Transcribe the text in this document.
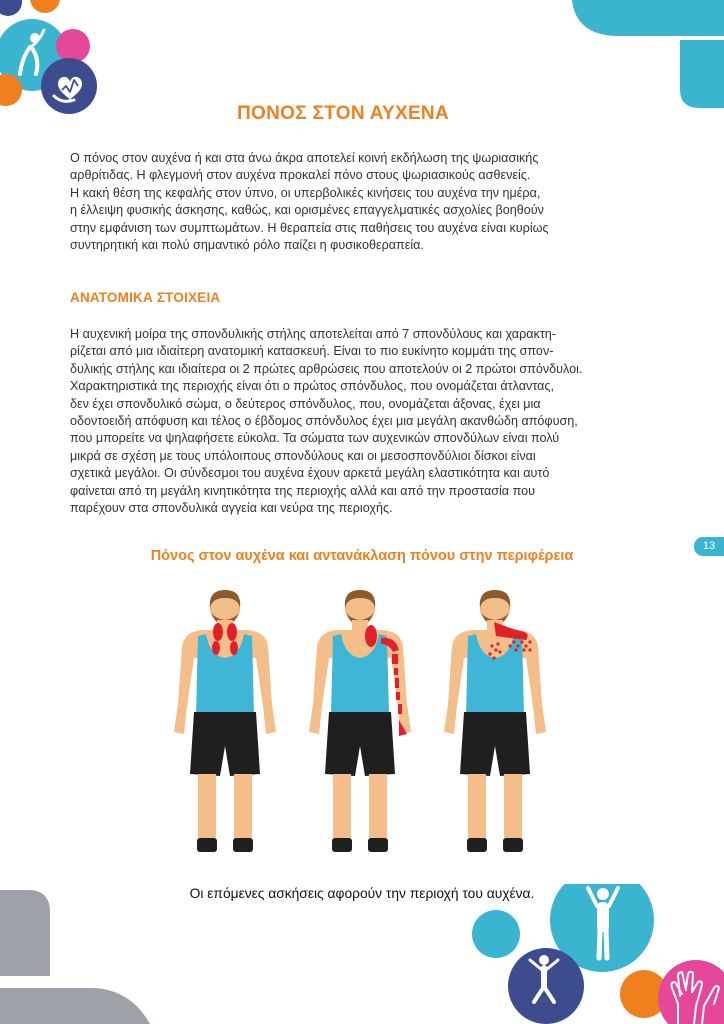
ΠΟΝΟΣ ΣΤΟΝ ΑΥΧΕΝΑ
Ο πόνος στον αυχένα ή και στα άνω άκρα αποτελεί κοινή εκδήλωση της ψωριασικής
αρθρίτιδας. Η φλεγμονή στον αυχένα προκαλεί πόνο στους ψωριασικούς ασθενείς.
Η κακή θέση της κεφαλής στον ύπνο, οι υπερβολικές κινήσεις του αυχένα την ημέρα,
η έλλειψη φυσικής άσκησης, καθώς, και ορισμένες επαγγελματικές ασχολίες βοηθούν
στην εμφάνιση των συμπτωμάτων. Η θεραπεία στις παθήσεις του αυχένα είναι κυρίως
συντηρητική και πολύ σημαντικό ρόλο παίζει η φυσικοθεραπεία.
ΑΝΑΤΟΜΙΚΑ ΣΤΟΙΧΕΙΑ
Η αυχενική μοίρα της σπονδυλικής στήλης αποτελείται από 7 σπονδύλους και χαρακτη-
ρίζεται από μια ιδιαίτερη ανατομική κατασκευή. Είναι το πιο ευκίνητο κομμάτι της σπον-
δυλικής στήλης και ιδιαίτερα οι 2 πρώτες αρθρώσεις που αποτελούν οι 2 πρώτοι σπόνδυλοι.
Χαρακτηριστικά της περιοχής είναι ότι ο πρώτος σπόνδυλος, που ονομάζεται άτλαντας,
δεν έχει σπονδυλικό σώμα, ο δεύτερος σπόνδυλος, που, ονομάζεται άξονας, έχει μια
οδοντοειδή απόφυση και τέλος ο έβδομος σπόνδυλος έχει μια μεγάλη ακανθώδη απόφυση,
που μπορείτε να ψηλαφήσετε εύκολα. Τα σώματα των αυχενικών σπονδύλων είναι πολύ
μικρά σε σχέση με τους υπόλοιπους σπονδύλους και οι μεσοσπονδύλιοι δίσκοι είναι
σχετικά μεγάλοι. Οι σύνδεσμοι του αυχένα έχουν αρκετά μεγάλη ελαστικότητα και αυτό
φαίνεται από τη μεγάλη κινητικότητα της περιοχής αλλά και από την προστασία που
παρέχουν στα σπονδυλικά αγγεία και νεύρα της περιοχής.
13
Πόνος στον αυχένα και αντανάκλαση πόνου στην περιφέρεια
Οι επόμενες ασκήσεις αφορούν την περιοχή του αυχένα.
